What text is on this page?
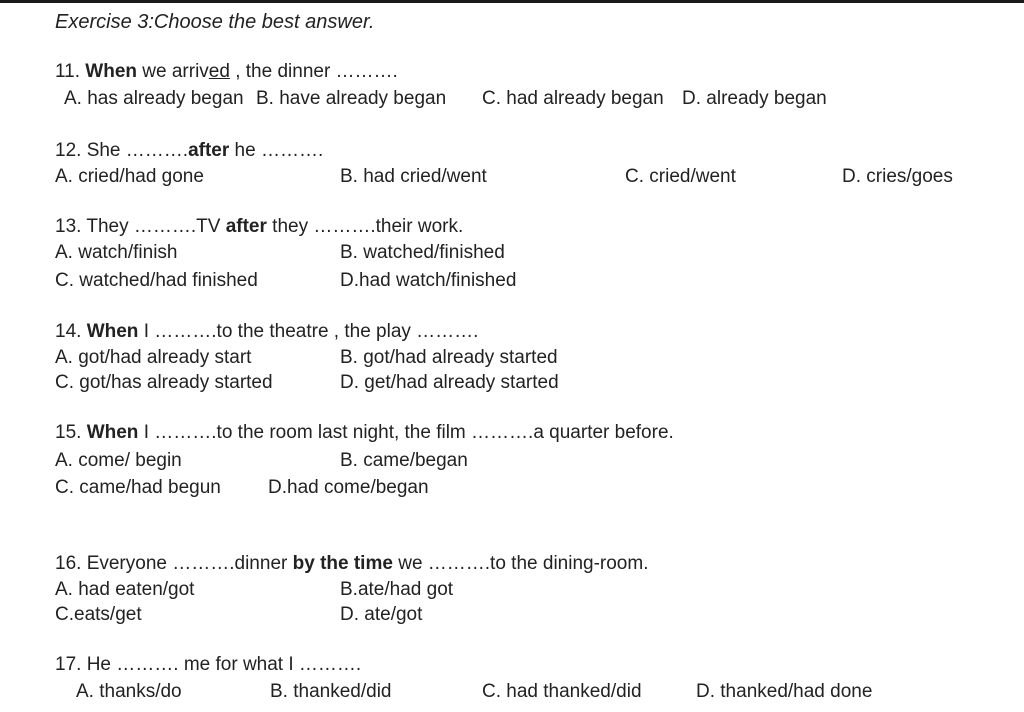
Exercise 3:Choose the best answer.
11. When we arrived , the dinner ……….
A. has already began B. have already began C. had already began D. already began
12. She ……….after he ……….
A. cried/had gone	B. had cried/went	C. cried/went	D. cries/goes
13. They ……….TV after they ……….their work.
A. watch/finish	B. watched/finished
C. watched/had finished	D.had watch/finished
14. When I ……….to the theatre , the play ……….
A. got/had already start	B. got/had already started
C. got/has already started	D. get/had already started
15. When I ……….to the room last night, the film ……….a quarter before.
A. come/ begin	B. came/began
C. came/had begun D.had come/began
16. Everyone ……….dinner by the time we ……….to the dining-room.
A. had eaten/got	B.ate/had got
C.eats/get	D. ate/got
17. He ………. me for what I ……….
A. thanks/do	B. thanked/did	C. had thanked/did	D. thanked/had done
